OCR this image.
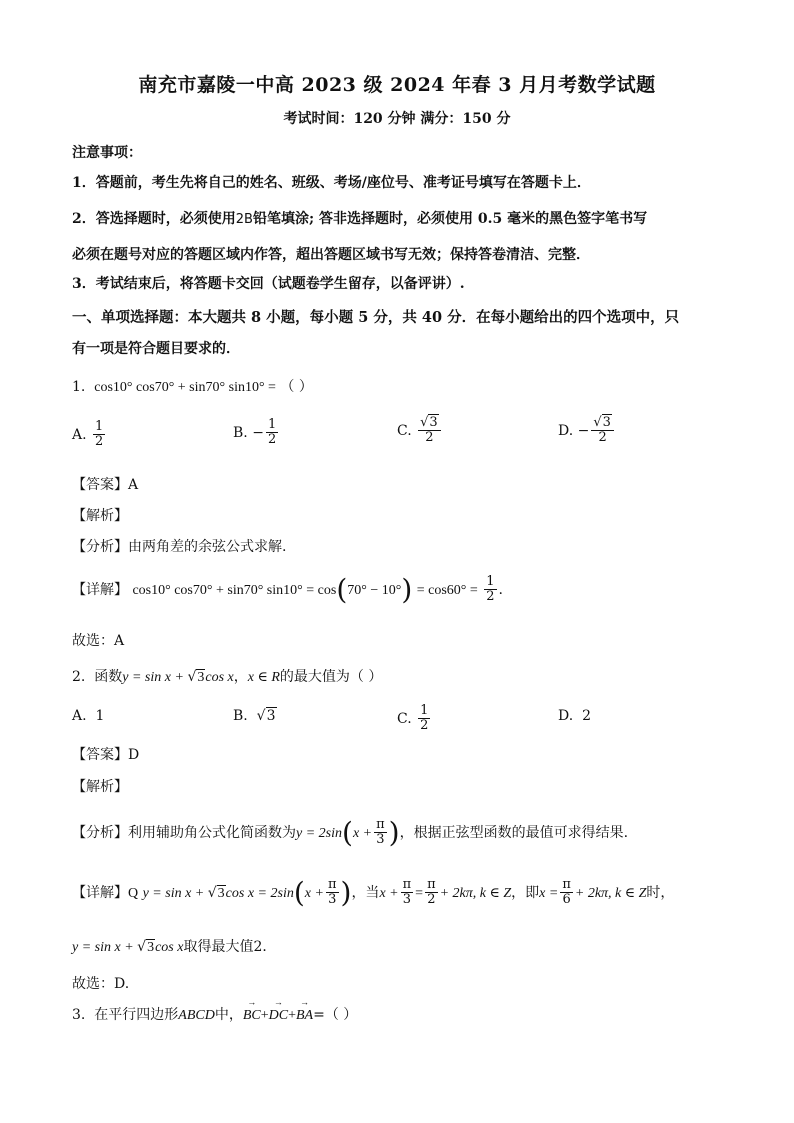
南充市嘉陵一中高 2023 级 2024 年春 3 月月考数学试题
考试时间：120 分钟 满分：150 分
注意事项：
1．答题前，考生先将自己的姓名、班级、考场/座位号、准考证号填写在答题卡上．
2．答选择题时，必须使用2B铅笔填涂; 答非选择题时，必须使用 0.5 毫米的黑色签字笔书写
必须在题号对应的答题区域内作答，超出答题区域书写无效；保持答卷清洁、完整．
3．考试结束后，将答题卡交回（试题卷学生留存，以备评讲）.
一、单项选择题：本大题共 8 小题，每小题 5 分，共 40 分．在每小题给出的四个选项中，只
有一项是符合题目要求的．
1. cos10° cos70° + sin70° sin10° = （ ）
A. $\frac{1}{2}$	B. − $\frac{1}{2}$	C. $\frac{√3}{2}$	D. − $\frac{√3}{2}$
【答案】A
【解析】
【分析】由两角差的余弦公式求解.
【详解】 cos10° cos70° + sin70° $\sin 10^\circ = \cos(70^\circ - 10^\circ) = \cos 60^\circ = \frac{1}{2}$ .
故选：A
2. 函数y = sin x + √3cos x，x ∈ R的最大值为（ ）
A. 1	B.  √3	C. $\frac{1}{2}$	D. 2
【答案】D
【解析】
【分析】利用辅助角公式化简函数为$y = 2\sin(x + \frac{\pi}{3}$ )，根据正弦型函数的最值可求得结果.
【详解】Q y = sin x + √3cos $x = 2\sin(x + \frac{\pi}{3}$ )，当$x + \frac{\pi}{3} = \frac{\pi}{2} + 2k\pi$, k ∈ Z，即$x = \frac{\pi}{6} + 2k\pi$, k ∈ Z时，
y = sin x + √3cos x取得最大值2．
故选：D.
3. 在平行四边形ABCD中，→ BC+→ DC+→ BA=（ ）
